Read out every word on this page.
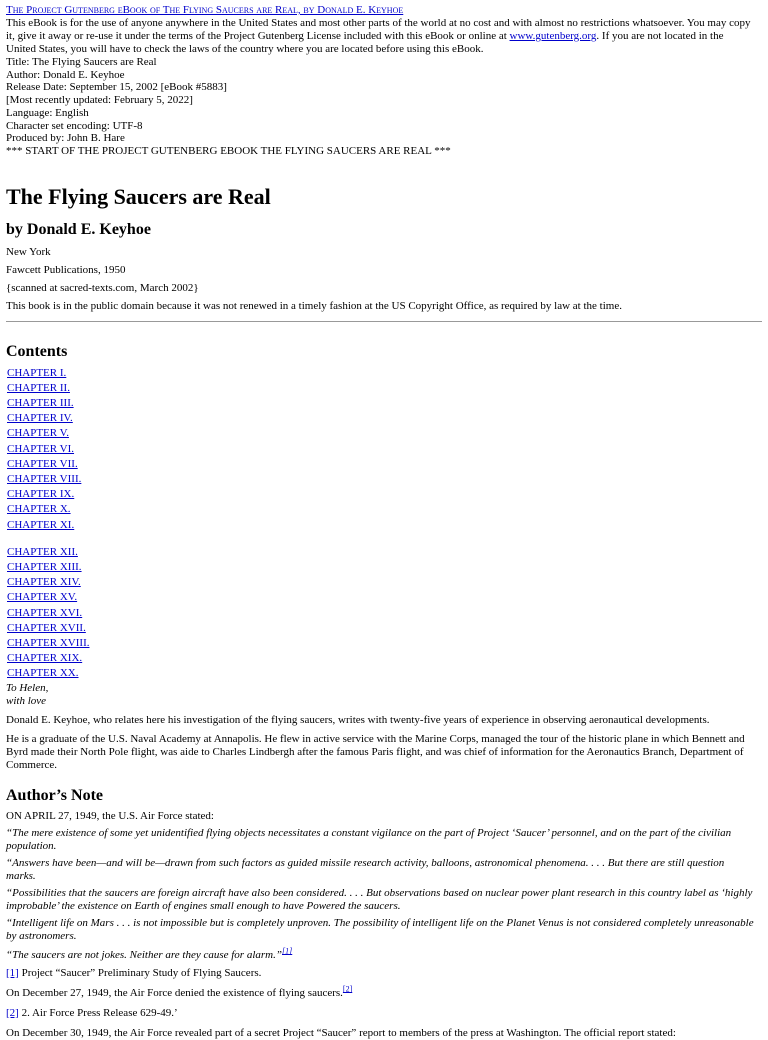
The Project Gutenberg eBook of The Flying Saucers are Real, by Donald E. Keyhoe

This eBook is for the use of anyone anywhere in the United States and most other parts of the world at no cost and with almost no restrictions whatsoever. You may copy it, give it away or re-use it under the terms of the Project Gutenberg License included with this eBook or online at www.gutenberg.org. If you are not located in the United States, you will have to check the laws of the country where you are located before using this eBook.

Title: The Flying Saucers are Real
Author: Donald E. Keyhoe
Release Date: September 15, 2002 [eBook #5883]
[Most recently updated: February 5, 2022]
Language: English
Character set encoding: UTF-8
Produced by: John B. Hare
*** START OF THE PROJECT GUTENBERG EBOOK THE FLYING SAUCERS ARE REAL ***
The Flying Saucers are Real
by Donald E. Keyhoe

New York

Fawcett Publications, 1950

{scanned at sacred-texts.com, March 2002}

This book is in the public domain because it was not renewed in a timely fashion at the US Copyright Office, as required by law at the time.

Contents
CHAPTER I.
CHAPTER II.
CHAPTER III.
CHAPTER IV.
CHAPTER V.
CHAPTER VI.
CHAPTER VII.
CHAPTER VIII.
CHAPTER IX.
CHAPTER X.
CHAPTER XI.
CHAPTER XII.
CHAPTER XIII.
CHAPTER XIV.
CHAPTER XV.
CHAPTER XVI.
CHAPTER XVII.
CHAPTER XVIII.
CHAPTER XIX.
CHAPTER XX.
To Helen,
with love

Donald E. Keyhoe, who relates here his investigation of the flying saucers, writes with twenty-five years of experience in observing aeronautical developments.

He is a graduate of the U.S. Naval Academy at Annapolis. He flew in active service with the Marine Corps, managed the tour of the historic plane in which Bennett and Byrd made their North Pole flight, was aide to Charles Lindbergh after the famous Paris flight, and was chief of information for the Aeronautics Branch, Department of Commerce.

Author’s Note

ON APRIL 27, 1949, the U.S. Air Force stated:

“The mere existence of some yet unidentified flying objects necessitates a constant vigilance on the part of Project ‘Saucer’ personnel, and on the part of the civilian population.

“Answers have been—and will be—drawn from such factors as guided missile research activity, balloons, astronomical phenomena. . . . But there are still question marks.

“Possibilities that the saucers are foreign aircraft have also been considered. . . . But observations based on nuclear power plant research in this country label as ‘highly improbable’ the existence on Earth of engines small enough to have Powered the saucers.

“Intelligent life on Mars . . . is not impossible but is completely unproven. The possibility of intelligent life on the Planet Venus is not considered completely unreasonable by astronomers.

“The saucers are not jokes. Neither are they cause for alarm.”[1]

[1] Project “Saucer” Preliminary Study of Flying Saucers.

On December 27, 1949, the Air Force denied the existence of flying saucers.[2]

[2] 2. Air Force Press Release 629-49.’

On December 30, 1949, the Air Force revealed part of a secret Project “Saucer” report to members of the press at Washington. The official report stated:
